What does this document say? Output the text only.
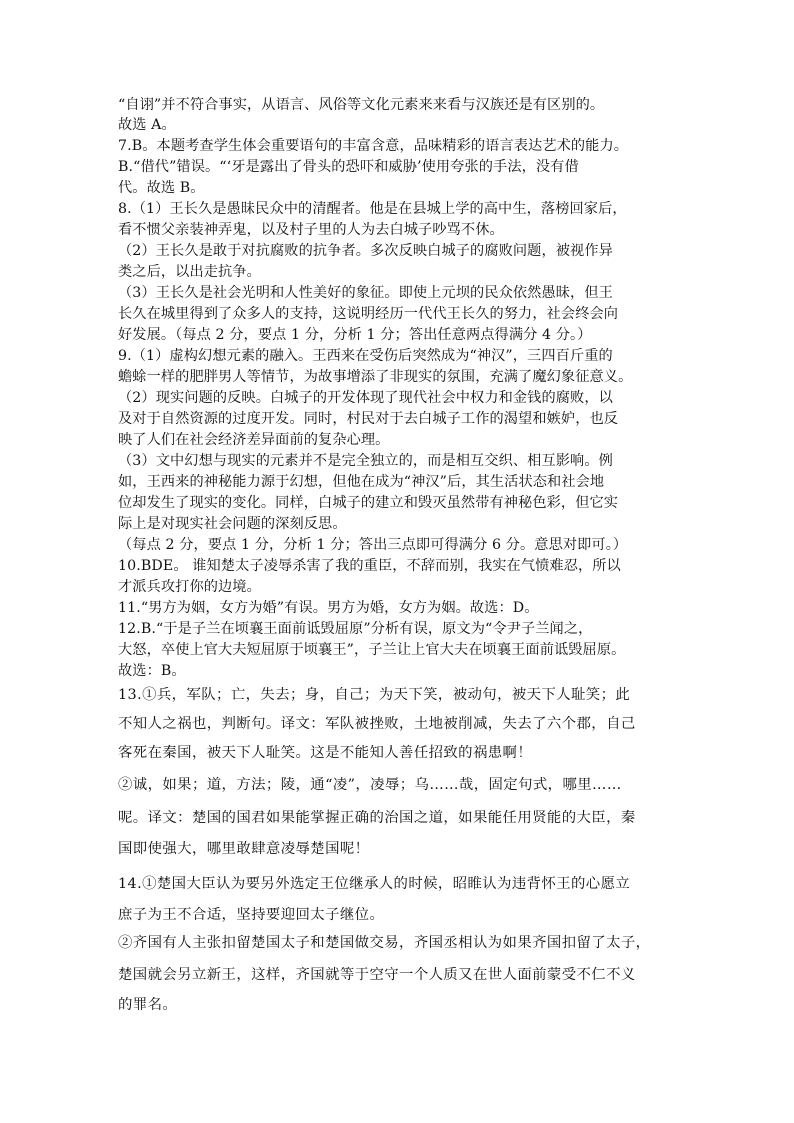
“自诩”并不符合事实，从语言、风俗等文化元素来来看与汉族还是有区别的。
故选 A。
7.B。本题考查学生体会重要语句的丰富含意，品味精彩的语言表达艺术的能力。
B.“借代”错误。“‘牙是露出了骨头的恐吓和威胁’使用夸张的手法，没有借
代。故选 B。
8.（1）王长久是愚昧民众中的清醒者。他是在县城上学的高中生，落榜回家后，
看不惯父亲装神弄鬼，以及村子里的人为去白城子吵骂不休。
（2）王长久是敢于对抗腐败的抗争者。多次反映白城子的腐败问题，被视作异
类之后，以出走抗争。
（3）王长久是社会光明和人性美好的象征。即使上元坝的民众依然愚昧，但王
长久在城里得到了众多人的支持，这说明经历一代代王长久的努力，社会终会向
好发展。（每点 2 分，要点 1 分，分析 1 分；答出任意两点得满分 4 分。）
9.（1）虚构幻想元素的融入。王西来在受伤后突然成为“神汉”，三四百斤重的
蟾蜍一样的肥胖男人等情节，为故事增添了非现实的氛围，充满了魔幻象征意义。
（2）现实问题的反映。白城子的开发体现了现代社会中权力和金钱的腐败，以
及对于自然资源的过度开发。同时，村民对于去白城子工作的渴望和嫉妒，也反
映了人们在社会经济差异面前的复杂心理。
（3）文中幻想与现实的元素并不是完全独立的，而是相互交织、相互影响。例
如，王西来的神秘能力源于幻想，但他在成为“神汉”后，其生活状态和社会地
位却发生了现实的变化。同样，白城子的建立和毁灭虽然带有神秘色彩，但它实
际上是对现实社会问题的深刻反思。
（每点 2 分，要点 1 分，分析 1 分；答出三点即可得满分 6 分。意思对即可。）
10.BDE。 谁知楚太子凌辱杀害了我的重臣，不辞而别，我实在气愤难忍，所以
才派兵攻打你的边境。
11.“男方为姻，女方为婚”有误。男方为婚，女方为姻。故选：D。
12.B.“于是子兰在顷襄王面前诋毁屈原”分析有误，原文为“令尹子兰闻之，
大怒，卒使上官大夫短屈原于顷襄王”，子兰让上官大夫在顷襄王面前诋毁屈原。
故选：B。
13.①兵，军队；亡，失去；身，自己；为天下笑，被动句，被天下人耻笑；此
不知人之祸也，判断句。译文：军队被挫败，土地被削减，失去了六个郡，自己
客死在秦国，被天下人耻笑。这是不能知人善任招致的祸患啊！
②诚，如果；道，方法；陵，通“凌”，凌辱；乌……哉，固定句式，哪里……
呢。译文：楚国的国君如果能掌握正确的治国之道，如果能任用贤能的大臣，秦
国即使强大，哪里敢肆意凌辱楚国呢！
14.①楚国大臣认为要另外选定王位继承人的时候，昭睢认为违背怀王的心愿立
庶子为王不合适，坚持要迎回太子继位。
②齐国有人主张扣留楚国太子和楚国做交易，齐国丞相认为如果齐国扣留了太子，
楚国就会另立新王，这样，齐国就等于空守一个人质又在世人面前蒙受不仁不义
的罪名。
